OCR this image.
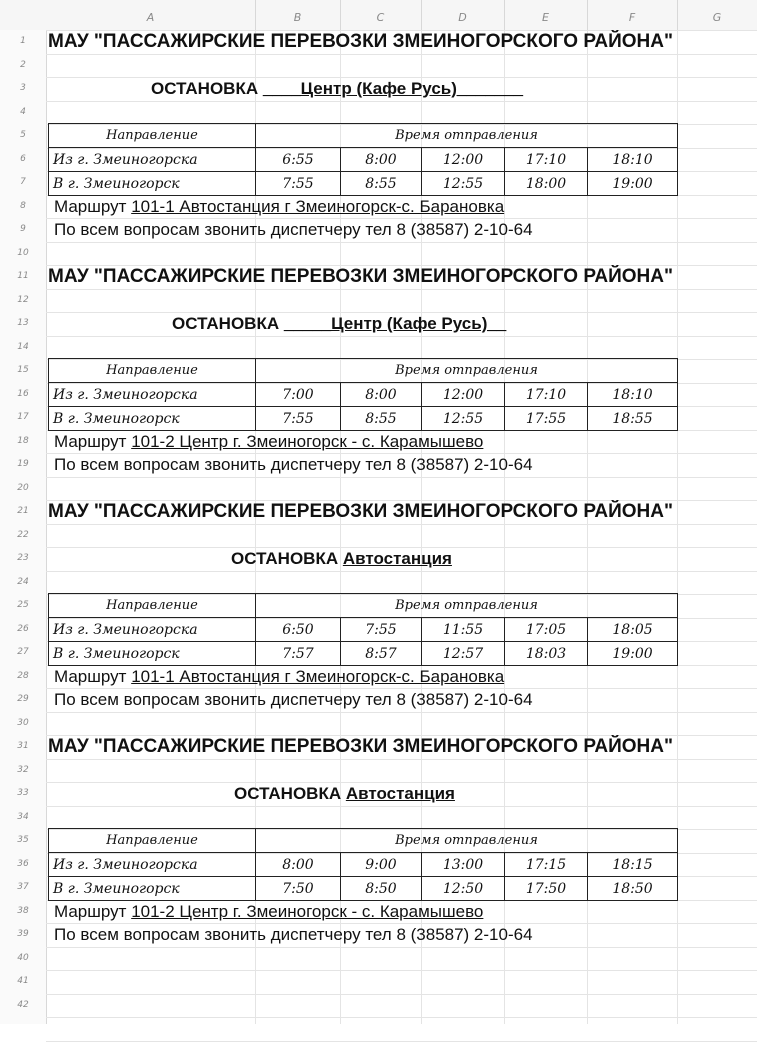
A	B	C	D	E	F	G
1
2
3
4
5
6
7
8
9
10
11
12
13
14
15
16
17
18
19
20
21
22
23
24
25
26
27
28
29
30
31
32
33
34
35
36
37
38
39
40
41
42
МАУ "ПАССАЖИРСКИЕ ПЕРЕВОЗКИ ЗМЕИНОГОРСКОГО РАЙОНА"
ОСТАНОВКА ____Центр (Кафе Русь)_______
Направление	Время отправления				
Из г. Змеиногорска	6:55	8:00	12:00	17:10	18:10
В г. Змеиногорск	7:55	8:55	12:55	18:00	19:00
Маршрут 101-1 Автостанция г Змеиногорск-с. Барановка
По всем вопросам звонить диспетчеру тел 8 (38587) 2-10-64
МАУ "ПАССАЖИРСКИЕ ПЕРЕВОЗКИ ЗМЕИНОГОРСКОГО РАЙОНА"
ОСТАНОВКА _____Центр (Кафе Русь)__
Направление	Время отправления				
Из г. Змеиногорска	7:00	8:00	12:00	17:10	18:10
В г. Змеиногорск	7:55	8:55	12:55	17:55	18:55
Маршрут 101-2 Центр г. Змеиногорск - с. Карамышево
По всем вопросам звонить диспетчеру тел 8 (38587) 2-10-64
МАУ "ПАССАЖИРСКИЕ ПЕРЕВОЗКИ ЗМЕИНОГОРСКОГО РАЙОНА"
ОСТАНОВКА Автостанция
Направление	Время отправления				
Из г. Змеиногорска	6:50	7:55	11:55	17:05	18:05
В г. Змеиногорск	7:57	8:57	12:57	18:03	19:00
Маршрут 101-1 Автостанция г Змеиногорск-с. Барановка
По всем вопросам звонить диспетчеру тел 8 (38587) 2-10-64
МАУ "ПАССАЖИРСКИЕ ПЕРЕВОЗКИ ЗМЕИНОГОРСКОГО РАЙОНА"
ОСТАНОВКА Автостанция
Направление	Время отправления				
Из г. Змеиногорска	8:00	9:00	13:00	17:15	18:15
В г. Змеиногорск	7:50	8:50	12:50	17:50	18:50
Маршрут 101-2 Центр г. Змеиногорск - с. Карамышево
По всем вопросам звонить диспетчеру тел 8 (38587) 2-10-64
